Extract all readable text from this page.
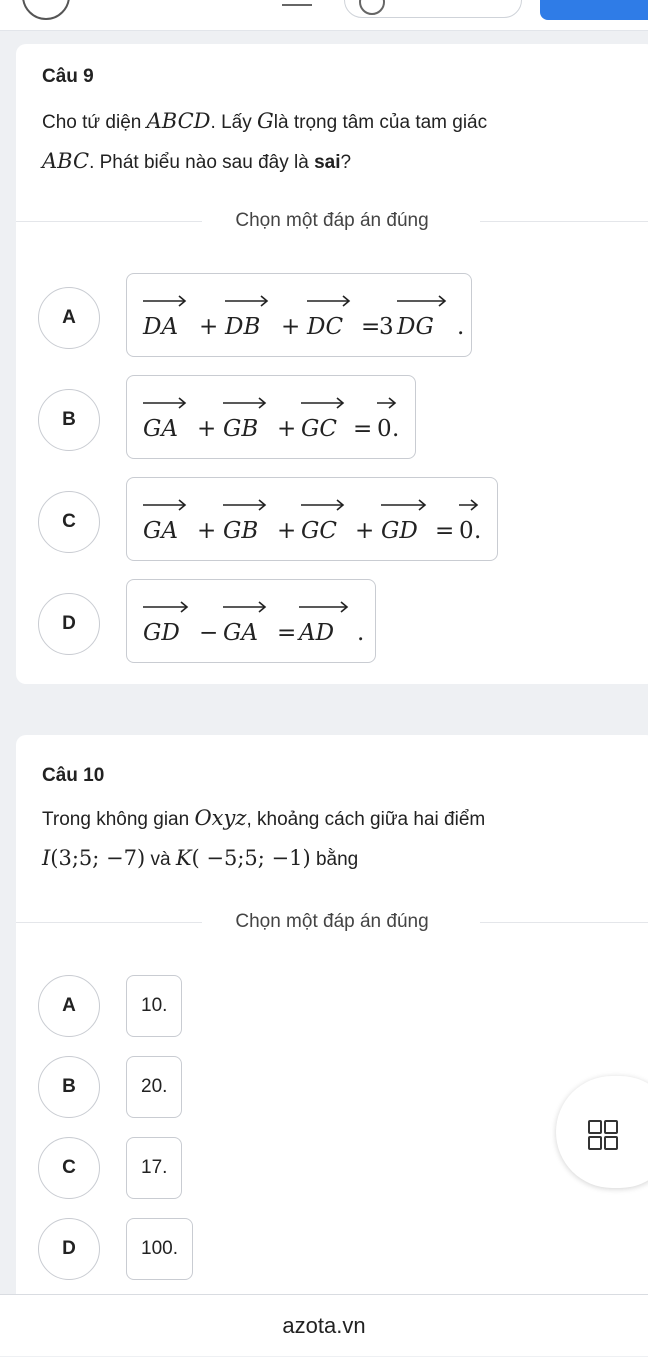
Câu 9
Cho tứ diện ABCD. Lấy Glà trọng tâm của tam giác
ABC. Phát biểu nào sau đây là sai?
Chọn một đáp án đúng
A	DA + DB + DC =
3 DG .
B	GA + GB + GC = 0 .
C	GA + GB + GC + GD = 0 .
D	GD − GA = AD .
Câu 10
Trong không gian Oxyz, khoảng cách giữa hai điểm
I(3;5; −7) và K( −5;5; −1) bằng
Chọn một đáp án đúng
A	10.
B	20.
C	17.
D	100.
azota.vn
